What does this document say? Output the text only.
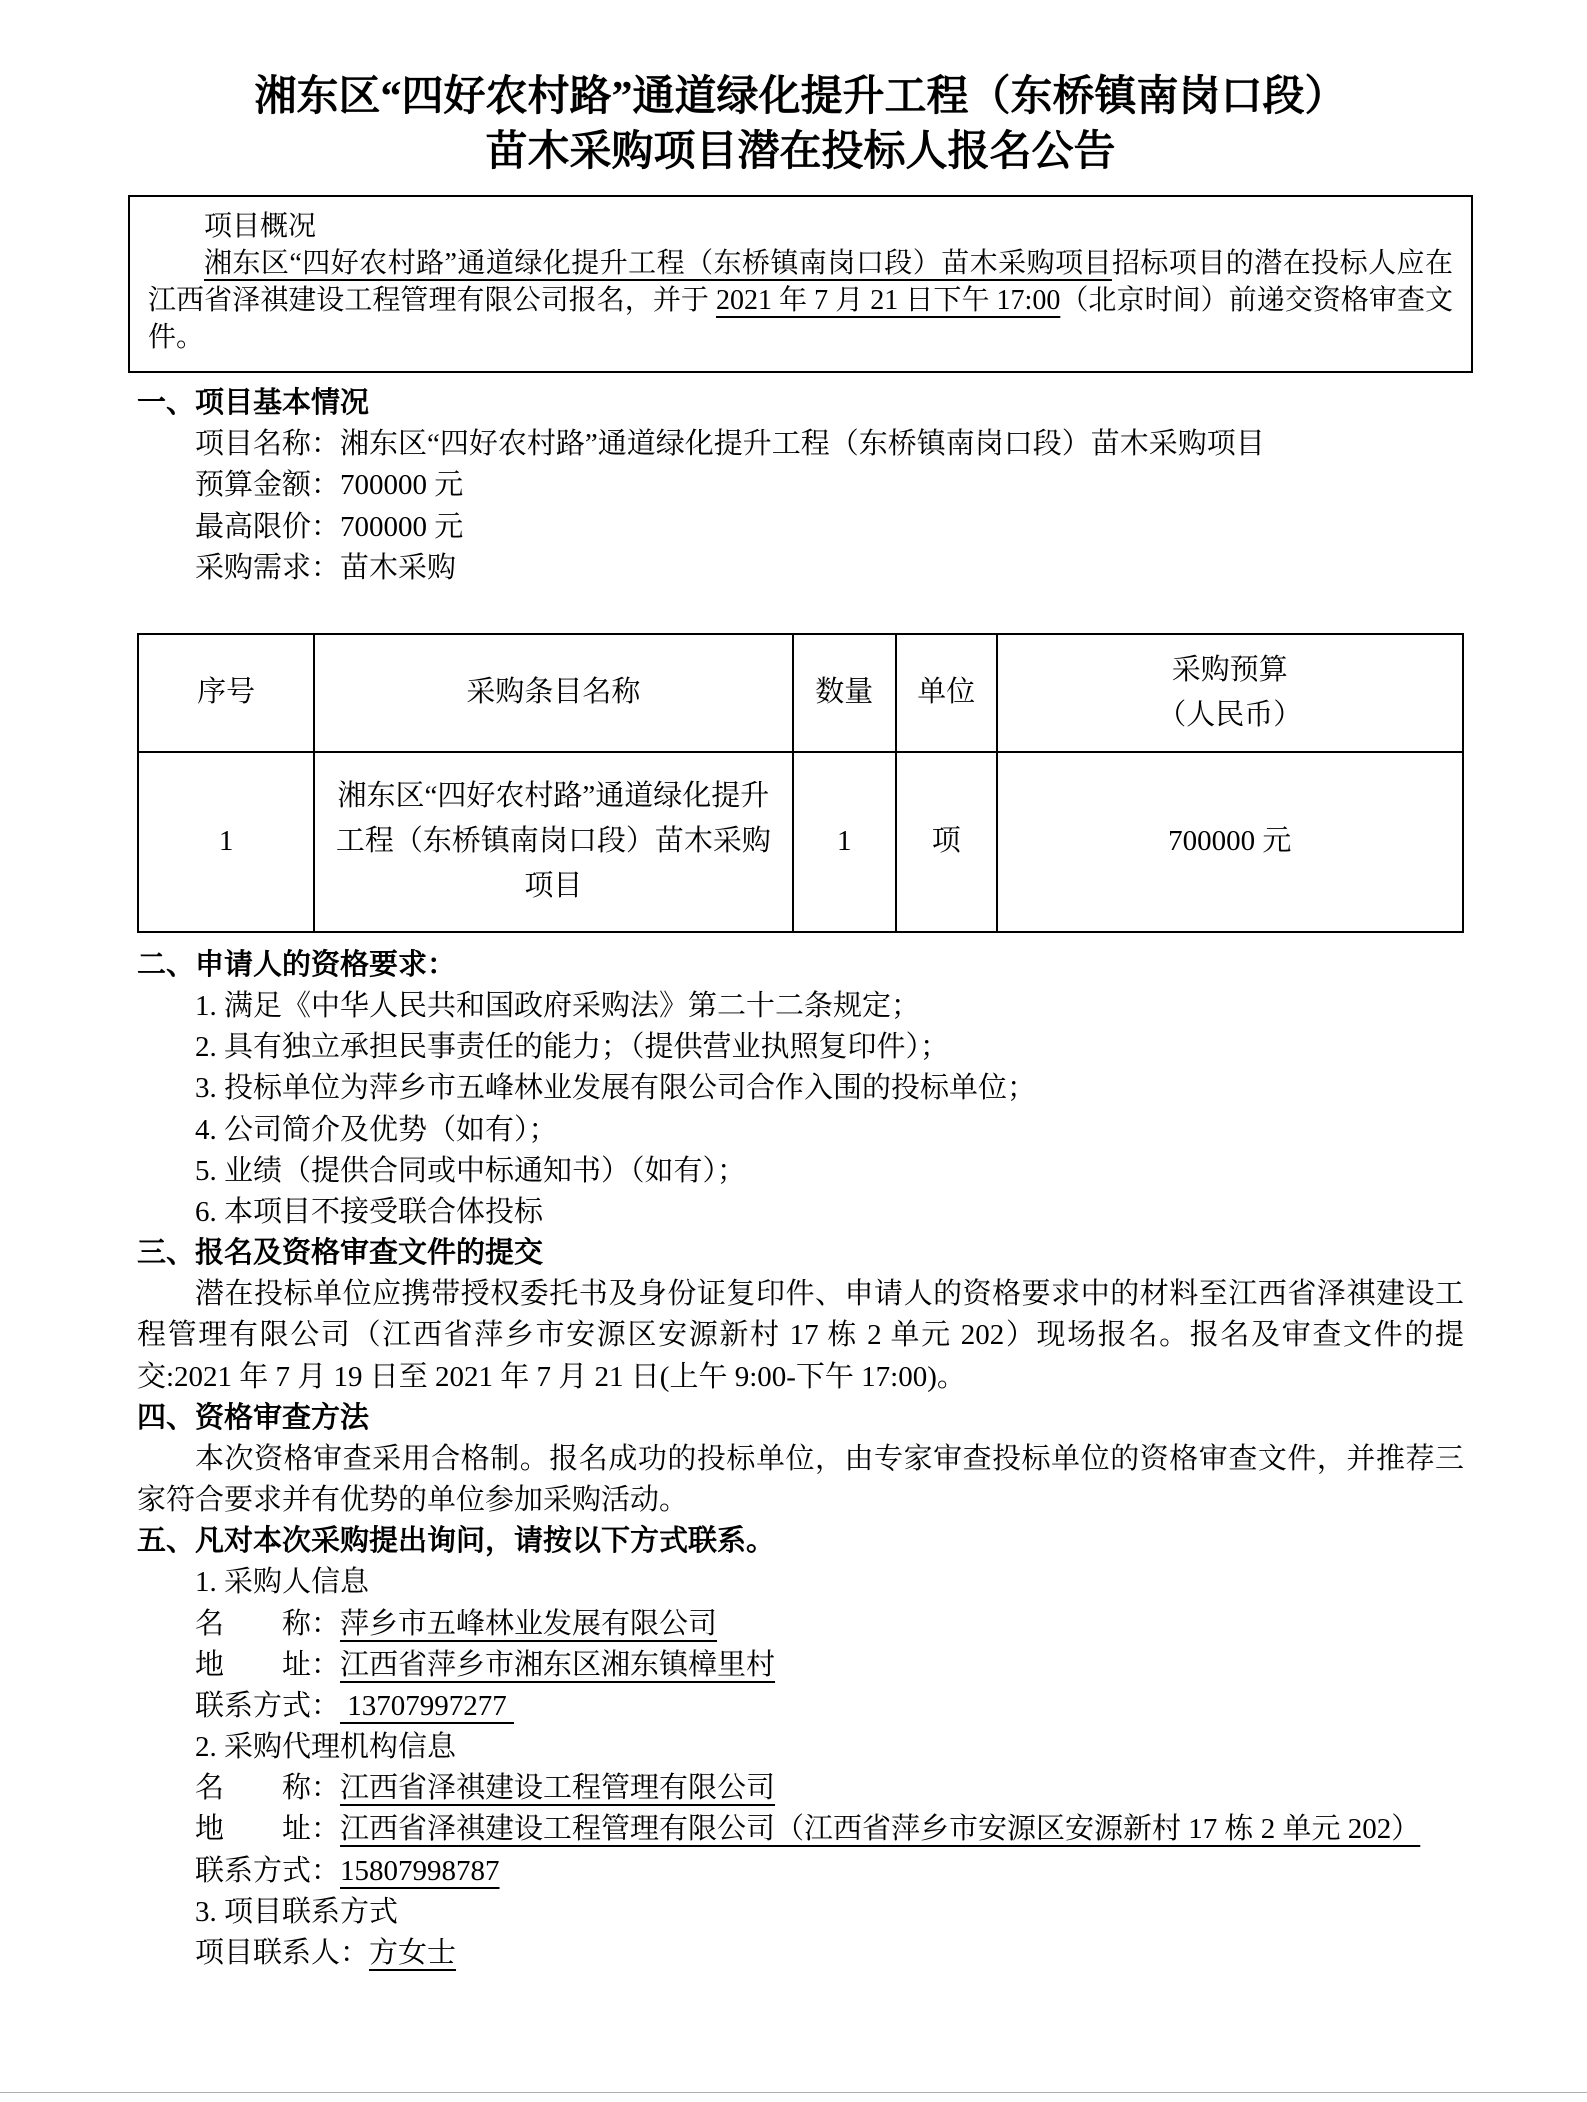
湘东区“四好农村路”通道绿化提升工程（东桥镇南岗口段）
苗木采购项目潜在投标人报名公告

项目概况

湘东区“四好农村路”通道绿化提升工程（东桥镇南岗口段）苗木采购项目招标项目的潜在投标人应在江西省泽祺建设工程管理有限公司报名，并于 2021 年 7 月 21 日下午 17:00（北京时间）前递交资格审查文件。

一、项目基本情况

项目名称：湘东区“四好农村路”通道绿化提升工程（东桥镇南岗口段）苗木采购项目

预算金额：700000 元

最高限价：700000 元

采购需求：苗木采购

序号	采购条目名称	数量	单位	采购预算
（人民币）
1	湘东区“四好农村路”通道绿化提升工程（东桥镇南岗口段）苗木采购项目	1	项	700000 元

二、申请人的资格要求：

1. 满足《中华人民共和国政府采购法》第二十二条规定；

2. 具有独立承担民事责任的能力；（提供营业执照复印件）；

3. 投标单位为萍乡市五峰林业发展有限公司合作入围的投标单位；

4. 公司简介及优势（如有）；

5. 业绩（提供合同或中标通知书）（如有）；

6. 本项目不接受联合体投标

三、报名及资格审查文件的提交

潜在投标单位应携带授权委托书及身份证复印件、申请人的资格要求中的材料至江西省泽祺建设工程管理有限公司（江西省萍乡市安源区安源新村 17 栋 2 单元 202）现场报名。报名及审查文件的提交:2021 年 7 月 19 日至 2021 年 7 月 21 日(上午 9:00-下午 17:00)。

四、资格审查方法

本次资格审查采用合格制。报名成功的投标单位，由专家审查投标单位的资格审查文件，并推荐三家符合要求并有优势的单位参加采购活动。

五、凡对本次采购提出询问，请按以下方式联系。

1. 采购人信息

名　　称：萍乡市五峰林业发展有限公司

地　　址：江西省萍乡市湘东区湘东镇樟里村

联系方式： 13707997277

2. 采购代理机构信息

名　　称：江西省泽祺建设工程管理有限公司

地　　址：江西省泽祺建设工程管理有限公司（江西省萍乡市安源区安源新村 17 栋 2 单元 202）

联系方式：15807998787

3. 项目联系方式

项目联系人：方女士
